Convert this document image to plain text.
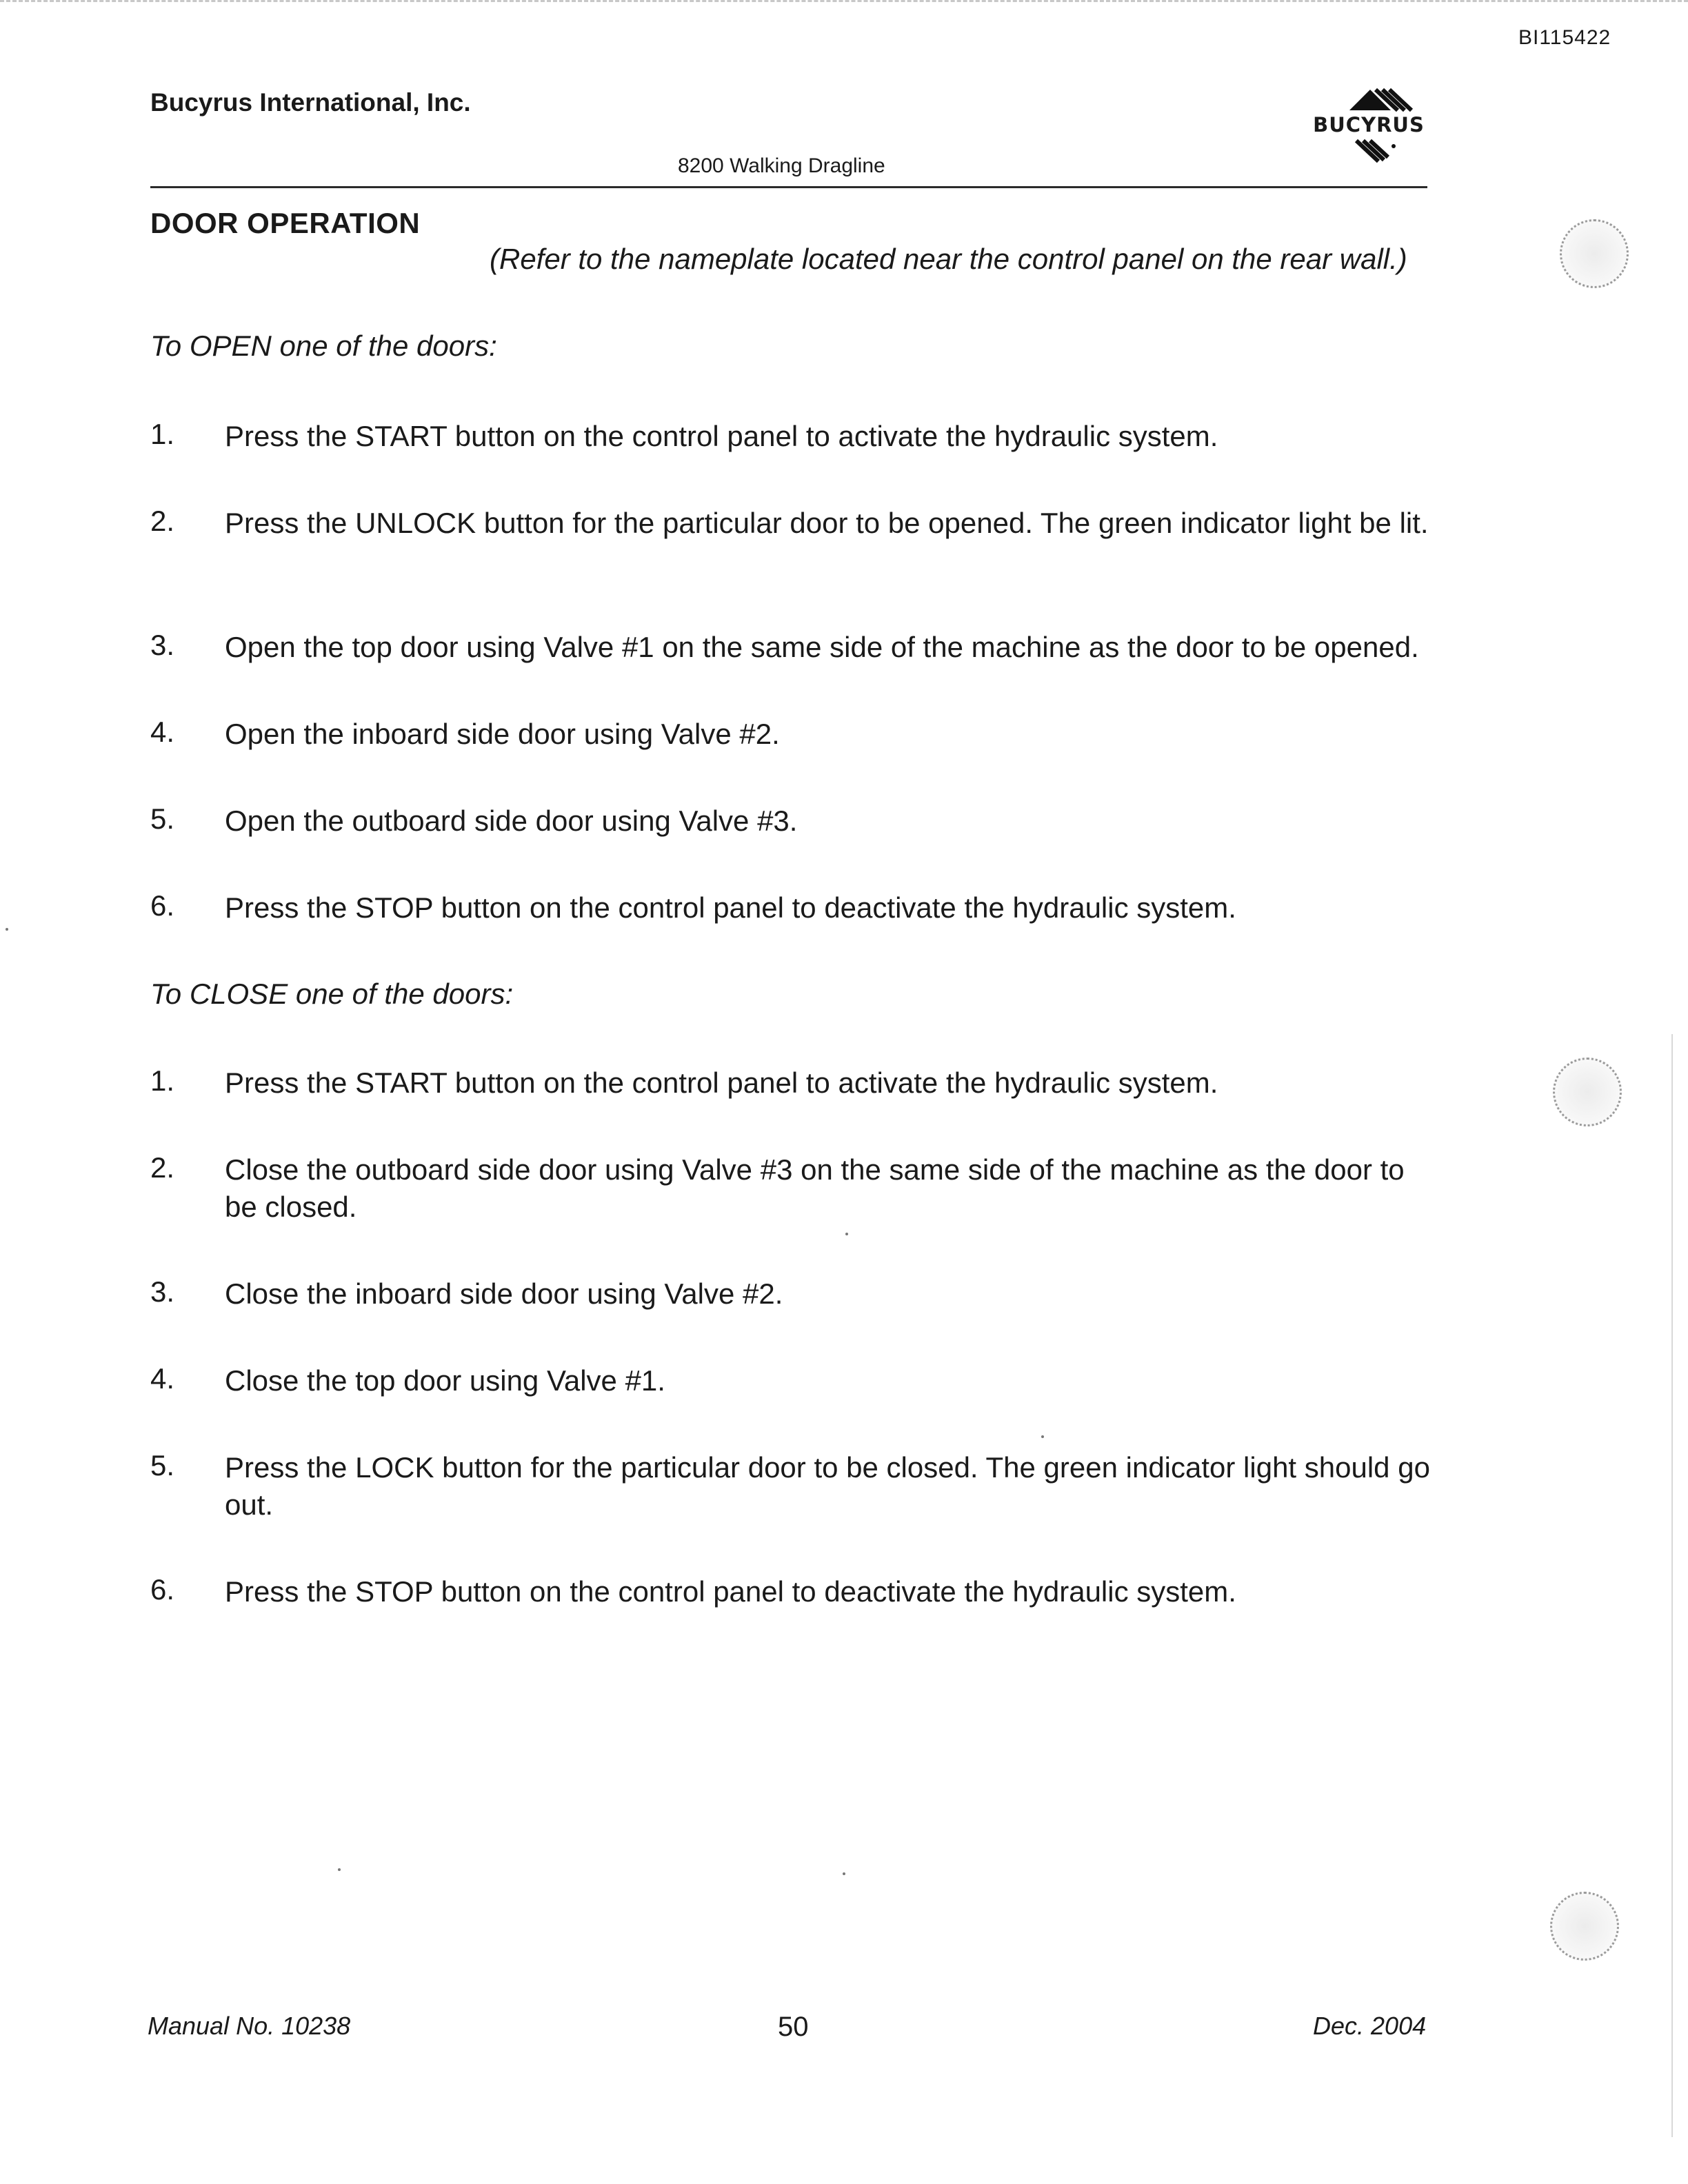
BI115422
Bucyrus International, Inc.
BUCYRUS
8200 Walking Dragline
DOOR OPERATION
(Refer to the nameplate located near the control panel on the rear wall.)
To OPEN one of the doors:
1. Press the START button on the control panel to activate the hydraulic system.
2. Press the UNLOCK button for the particular door to be opened. The green indicator light be lit.
3. Open the top door using Valve #1 on the same side of the machine as the door to be opened.
4. Open the inboard side door using Valve #2.
5. Open the outboard side door using Valve #3.
6. Press the STOP button on the control panel to deactivate the hydraulic system.
To CLOSE one of the doors:
1. Press the START button on the control panel to activate the hydraulic system.
2. Close the outboard side door using Valve #3 on the same side of the machine as the door to be closed.
3. Close the inboard side door using Valve #2.
4. Close the top door using Valve #1.
5. Press the LOCK button for the particular door to be closed. The green indicator light should go out.
6. Press the STOP button on the control panel to deactivate the hydraulic system.
Manual No. 10238	50	Dec. 2004
